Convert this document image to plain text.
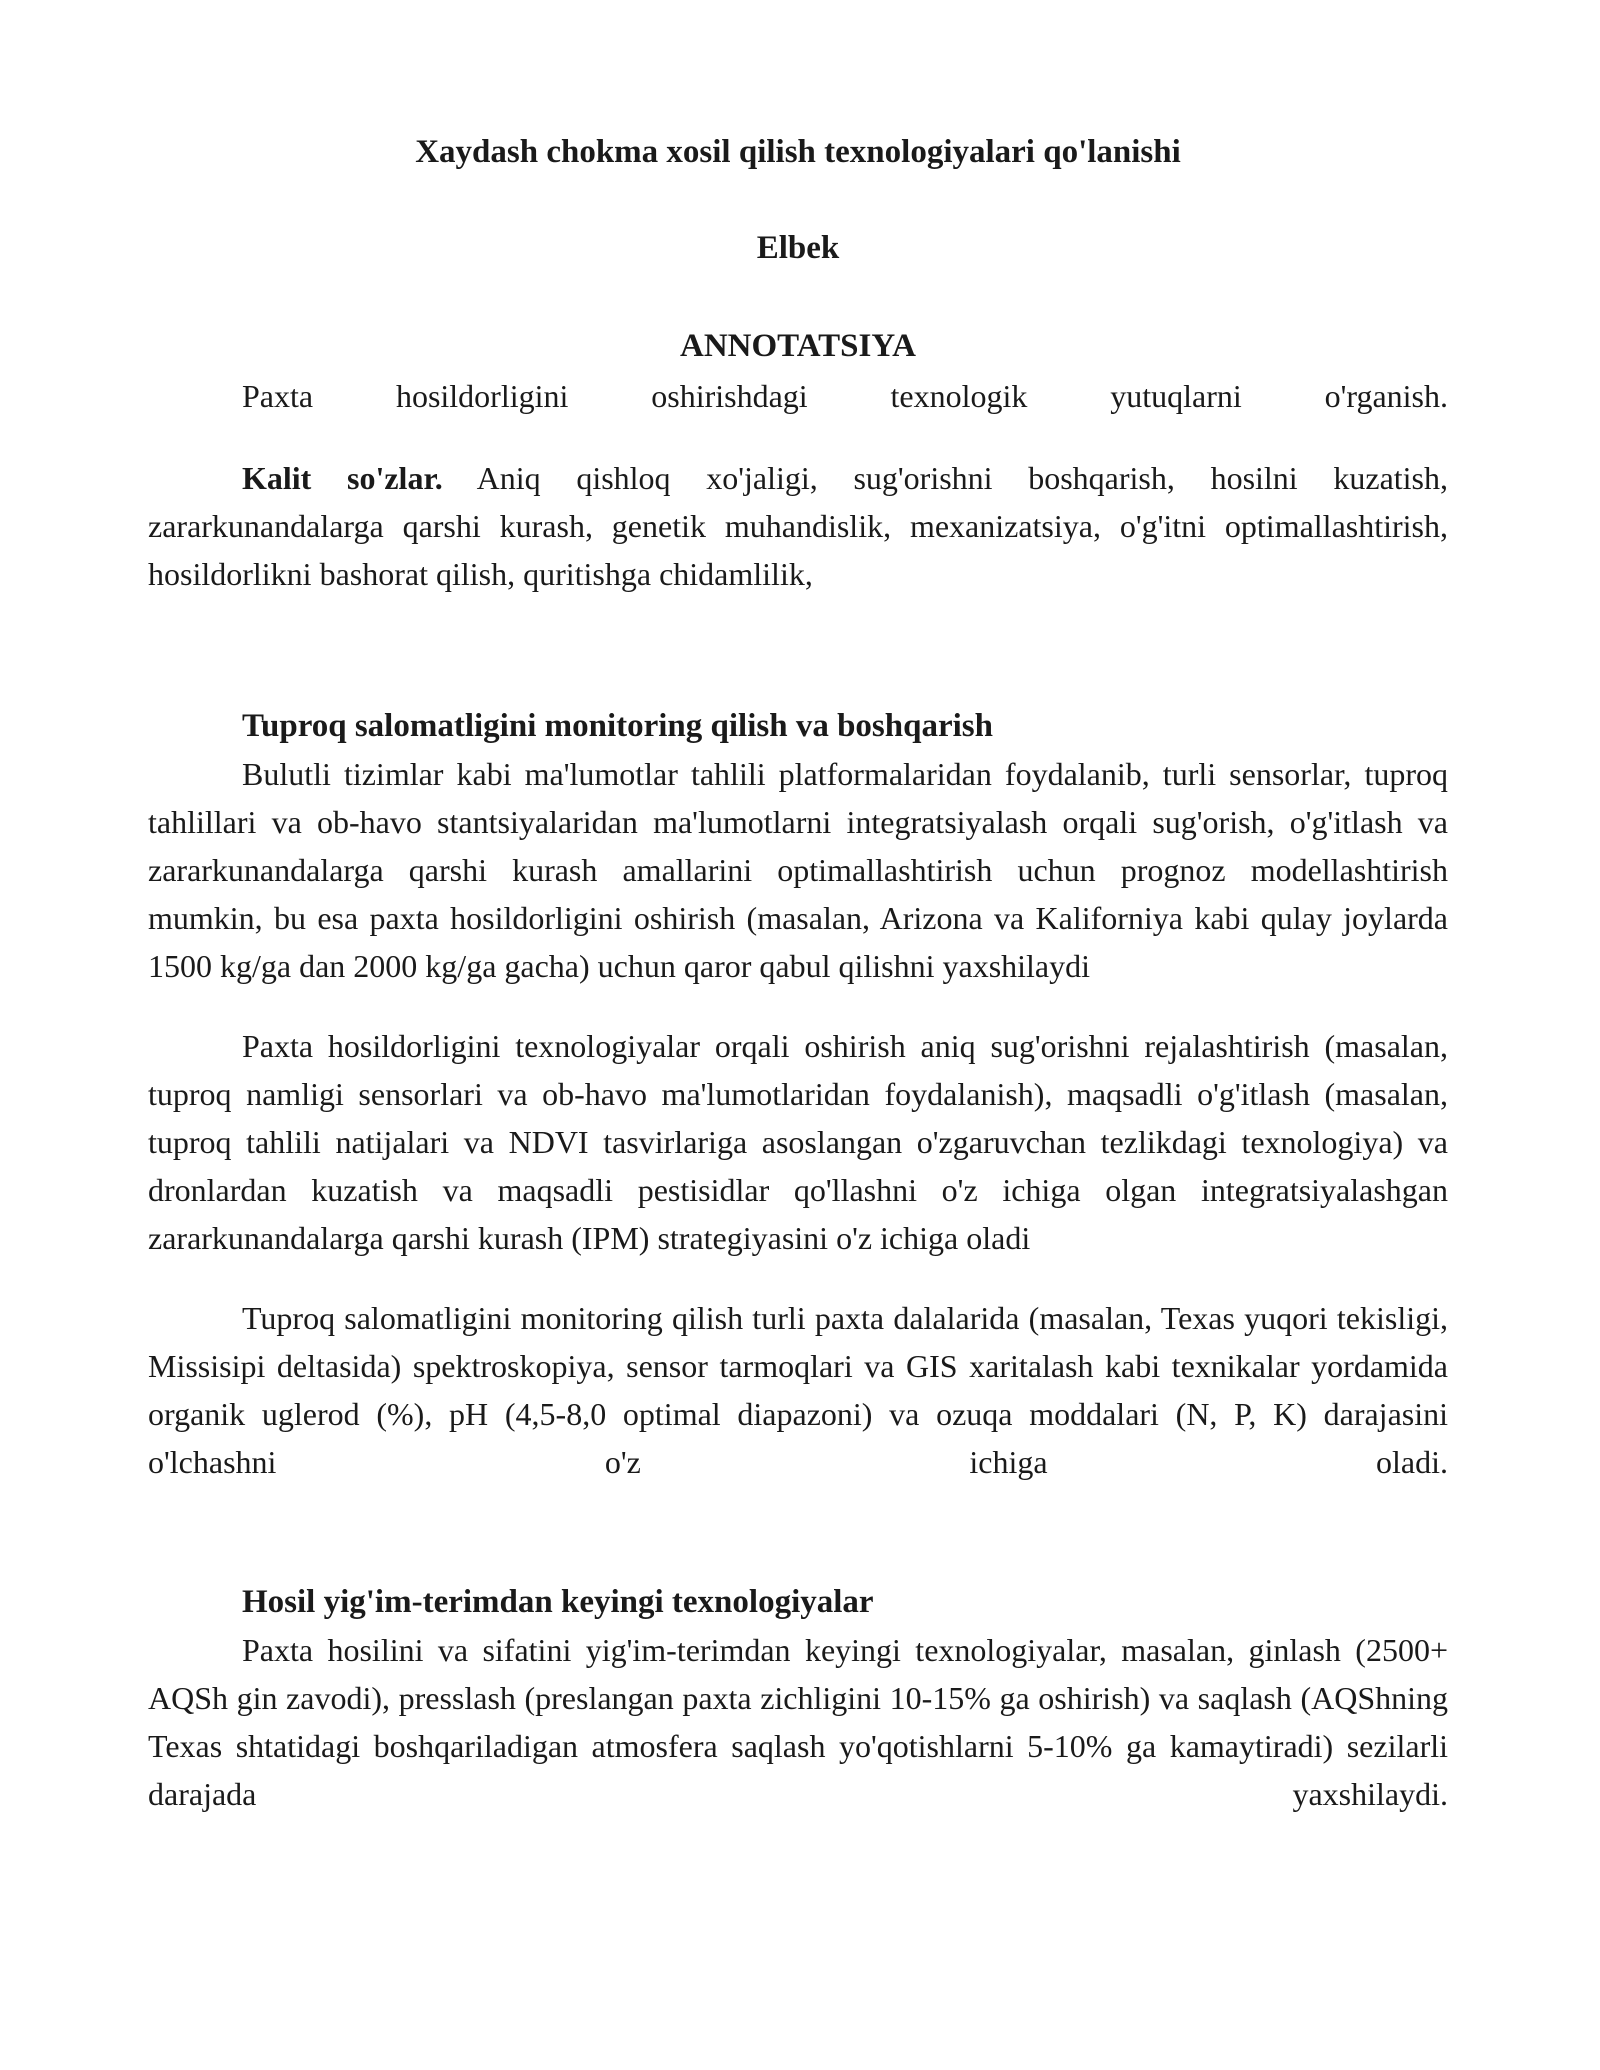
Xaydash chokma xosil qilish texnologiyalari qo'lanishi
Elbek
ANNOTATSIYA

Paxta hosildorligini oshirishdagi texnologik yutuqlarni o'rganish.

Kalit so'zlar. Aniq qishloq xo'jaligi, sug'orishni boshqarish, hosilni kuzatish, zararkunandalarga qarshi kurash, genetik muhandislik, mexanizatsiya, o'g'itni optimallashtirish, hosildorlikni bashorat qilish, quritishga chidamlilik,

Tuproq salomatligini monitoring qilish va boshqarish

Bulutli tizimlar kabi ma'lumotlar tahlili platformalaridan foydalanib, turli sensorlar, tuproq tahlillari va ob-havo stantsiyalaridan ma'lumotlarni integratsiyalash orqali sug'orish, o'g'itlash va zararkunandalarga qarshi kurash amallarini optimallashtirish uchun prognoz modellashtirish mumkin, bu esa paxta hosildorligini oshirish (masalan, Arizona va Kaliforniya kabi qulay joylarda 1500 kg/ga dan 2000 kg/ga gacha) uchun qaror qabul qilishni yaxshilaydi

Paxta hosildorligini texnologiyalar orqali oshirish aniq sug'orishni rejalashtirish (masalan, tuproq namligi sensorlari va ob-havo ma'lumotlaridan foydalanish), maqsadli o'g'itlash (masalan, tuproq tahlili natijalari va NDVI tasvirlariga asoslangan o'zgaruvchan tezlikdagi texnologiya) va dronlardan kuzatish va maqsadli pestisidlar qo'llashni o'z ichiga olgan integratsiyalashgan zararkunandalarga qarshi kurash (IPM) strategiyasini o'z ichiga oladi

Tuproq salomatligini monitoring qilish turli paxta dalalarida (masalan, Texas yuqori tekisligi, Missisipi deltasida) spektroskopiya, sensor tarmoqlari va GIS xaritalash kabi texnikalar yordamida organik uglerod (%), pH (4,5-8,0 optimal diapazoni) va ozuqa moddalari (N, P, K) darajasini o'lchashni o'z ichiga oladi.

Hosil yig'im-terimdan keyingi texnologiyalar

Paxta hosilini va sifatini yig'im-terimdan keyingi texnologiyalar, masalan, ginlash (2500+ AQSh gin zavodi), presslash (preslangan paxta zichligini 10-15% ga oshirish) va saqlash (AQShning Texas shtatidagi boshqariladigan atmosfera saqlash yo'qotishlarni 5-10% ga kamaytiradi) sezilarli darajada yaxshilaydi.
